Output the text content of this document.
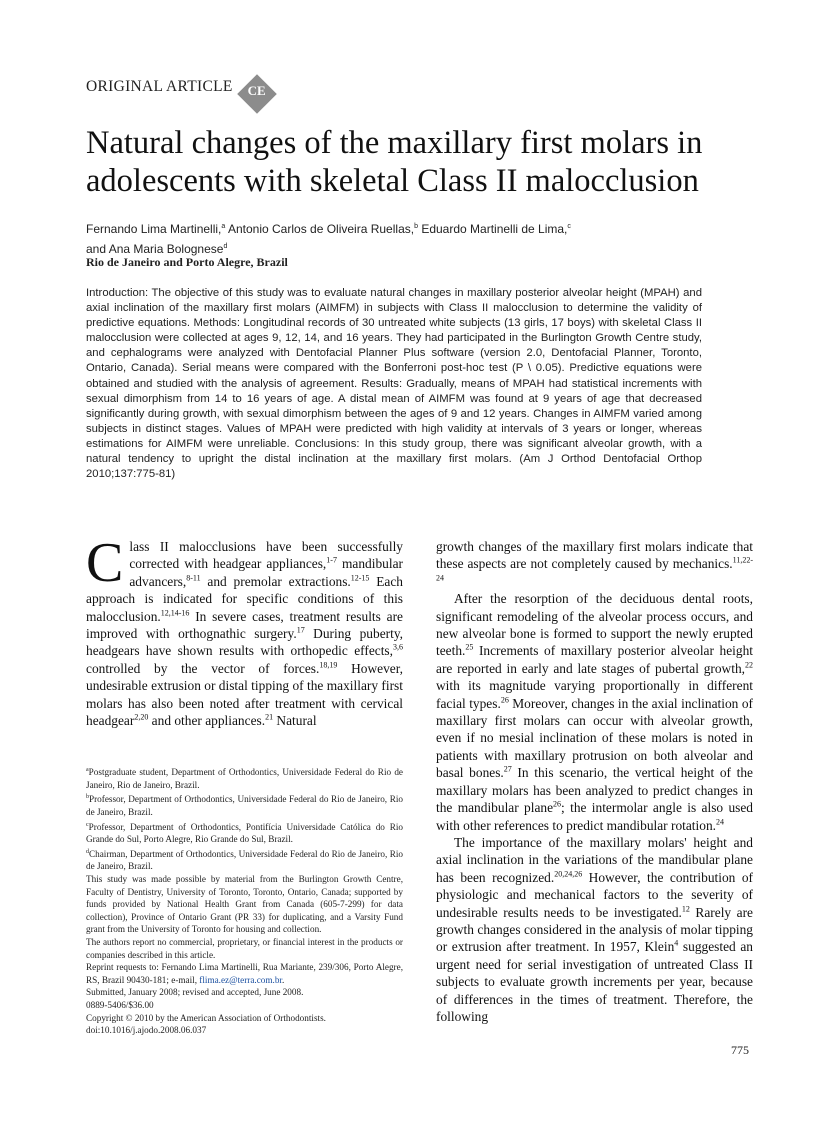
ORIGINAL ARTICLE	CE
Natural changes of the maxillary first molars in adolescents with skeletal Class II malocclusion
Fernando Lima Martinelli,$^a$ Antonio Carlos de Oliveira Ruellas,$^b$ Eduardo Martinelli de Lima,$^c$
and Ana Maria Bolognese$^d$
Rio de Janeiro and Porto Alegre, Brazil

Introduction: The objective of this study was to evaluate natural changes in maxillary posterior alveolar height (MPAH) and axial inclination of the maxillary first molars (AIMFM) in subjects with Class II malocclusion to determine the validity of predictive equations. Methods: Longitudinal records of 30 untreated white subjects (13 girls, 17 boys) with skeletal Class II malocclusion were collected at ages 9, 12, 14, and 16 years. They had participated in the Burlington Growth Centre study, and cephalograms were analyzed with Dentofacial Planner Plus software (version 2.0, Dentofacial Planner, Toronto, Ontario, Canada). Serial means were compared with the Bonferroni post-hoc test (P \ 0.05). Predictive equations were obtained and studied with the analysis of agreement. Results: Gradually, means of MPAH had statistical increments with sexual dimorphism from 14 to 16 years of age. A distal mean of AIMFM was found at 9 years of age that decreased significantly during growth, with sexual dimorphism between the ages of 9 and 12 years. Changes in AIMFM varied among subjects in distinct stages. Values of MPAH were predicted with high validity at intervals of 3 years or longer, whereas estimations for AIMFM were unreliable. Conclusions: In this study group, there was significant alveolar growth, with a natural tendency to upright the distal inclination at the maxillary first molars. (Am J Orthod Dentofacial Orthop 2010;137:775-81)

Class II malocclusions have been successfully corrected with headgear appliances,$^{1-7}$ mandibular advancers,$^{8-11}$ and premolar extractions.$^{12-15}$ Each approach is indicated for specific conditions of this malocclusion.$^{12,14-16}$ In severe cases, treatment results are improved with orthognathic surgery.$^{17}$ During puberty, headgears have shown results with orthopedic effects,$^{3,6}$ controlled by the vector of forces.$^{18,19}$ However, undesirable extrusion or distal tipping of the maxillary first molars has also been noted after treatment with cervical headgear$^{2,20}$ and other appliances.$^{21}$ Natural

$^a$Postgraduate student, Department of Orthodontics, Universidade Federal do Rio de Janeiro, Rio de Janeiro, Brazil.

$^b$Professor, Department of Orthodontics, Universidade Federal do Rio de Janeiro, Rio de Janeiro, Brazil.

$^c$Professor, Department of Orthodontics, Pontifícia Universidade Católica do Rio Grande do Sul, Porto Alegre, Rio Grande do Sul, Brazil.

$^d$Chairman, Department of Orthodontics, Universidade Federal do Rio de Janeiro, Rio de Janeiro, Brazil.

This study was made possible by material from the Burlington Growth Centre, Faculty of Dentistry, University of Toronto, Toronto, Ontario, Canada; supported by funds provided by National Health Grant from Canada (605-7-299) for data collection), Province of Ontario Grant (PR 33) for duplicating, and a Varsity Fund grant from the University of Toronto for housing and collection.

The authors report no commercial, proprietary, or financial interest in the products or companies described in this article.

Reprint requests to: Fernando Lima Martinelli, Rua Mariante, 239/306, Porto Alegre, RS, Brazil 90430-181; e-mail, flima.ez@terra.com.br.

Submitted, January 2008; revised and accepted, June 2008.

0889-5406/$36.00

Copyright © 2010 by the American Association of Orthodontists.

doi:10.1016/j.ajodo.2008.06.037

growth changes of the maxillary first molars indicate that these aspects are not completely caused by mechanics.$^{11,22-24}$

After the resorption of the deciduous dental roots, significant remodeling of the alveolar process occurs, and new alveolar bone is formed to support the newly erupted teeth.$^{25}$ Increments of maxillary posterior alveolar height are reported in early and late stages of pubertal growth,$^{22}$ with its magnitude varying proportionally in different facial types.$^{26}$ Moreover, changes in the axial inclination of maxillary first molars can occur with alveolar growth, even if no mesial inclination of these molars is noted in patients with maxillary protrusion on both alveolar and basal bones.$^{27}$ In this scenario, the vertical height of the maxillary molars has been analyzed to predict changes in the mandibular plane$^{26}$; the intermolar angle is also used with other references to predict mandibular rotation.$^{24}$

The importance of the maxillary molars' height and axial inclination in the variations of the mandibular plane has been recognized.$^{20,24,26}$ However, the contribution of physiologic and mechanical factors to the severity of undesirable results needs to be investigated.$^{12}$ Rarely are growth changes considered in the analysis of molar tipping or extrusion after treatment. In 1957, Klein$^4$ suggested an urgent need for serial investigation of untreated Class II subjects to evaluate growth increments per year, because of differences in the times of treatment. Therefore, the following

775
